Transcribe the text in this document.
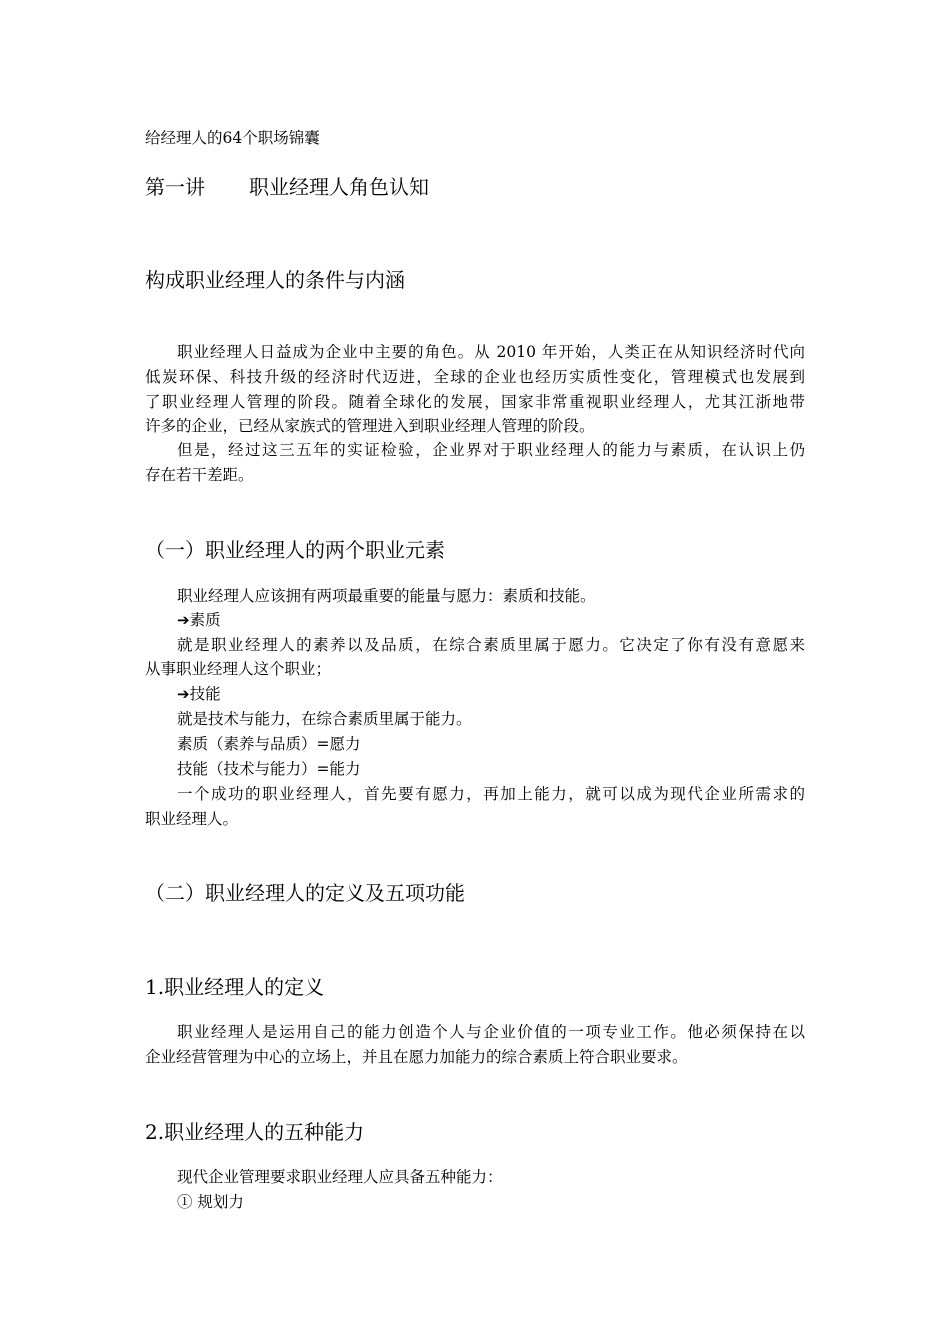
给经理人的64个职场锦囊
第一讲 职业经理人角色认知
构成职业经理人的条件与内涵
职业经理人日益成为企业中主要的角色。从 2010 年开始，人类正在从知识经济时代向
低炭环保、科技升级的经济时代迈进，全球的企业也经历实质性变化，管理模式也发展到
了职业经理人管理的阶段。随着全球化的发展，国家非常重视职业经理人，尤其江浙地带
许多的企业，已经从家族式的管理进入到职业经理人管理的阶段。
但是，经过这三五年的实证检验，企业界对于职业经理人的能力与素质，在认识上仍
存在若干差距。
（一）职业经理人的两个职业元素
职业经理人应该拥有两项最重要的能量与愿力：素质和技能。
➔素质
就是职业经理人的素养以及品质，在综合素质里属于愿力。它决定了你有没有意愿来
从事职业经理人这个职业；
➔技能
就是技术与能力，在综合素质里属于能力。
素质（素养与品质）=愿力
技能（技术与能力）=能力
一个成功的职业经理人，首先要有愿力，再加上能力，就可以成为现代企业所需求的
职业经理人。
（二）职业经理人的定义及五项功能
1.职业经理人的定义
职业经理人是运用自己的能力创造个人与企业价值的一项专业工作。他必须保持在以
企业经营管理为中心的立场上，并且在愿力加能力的综合素质上符合职业要求。
2.职业经理人的五种能力
现代企业管理要求职业经理人应具备五种能力：
① 规划力
